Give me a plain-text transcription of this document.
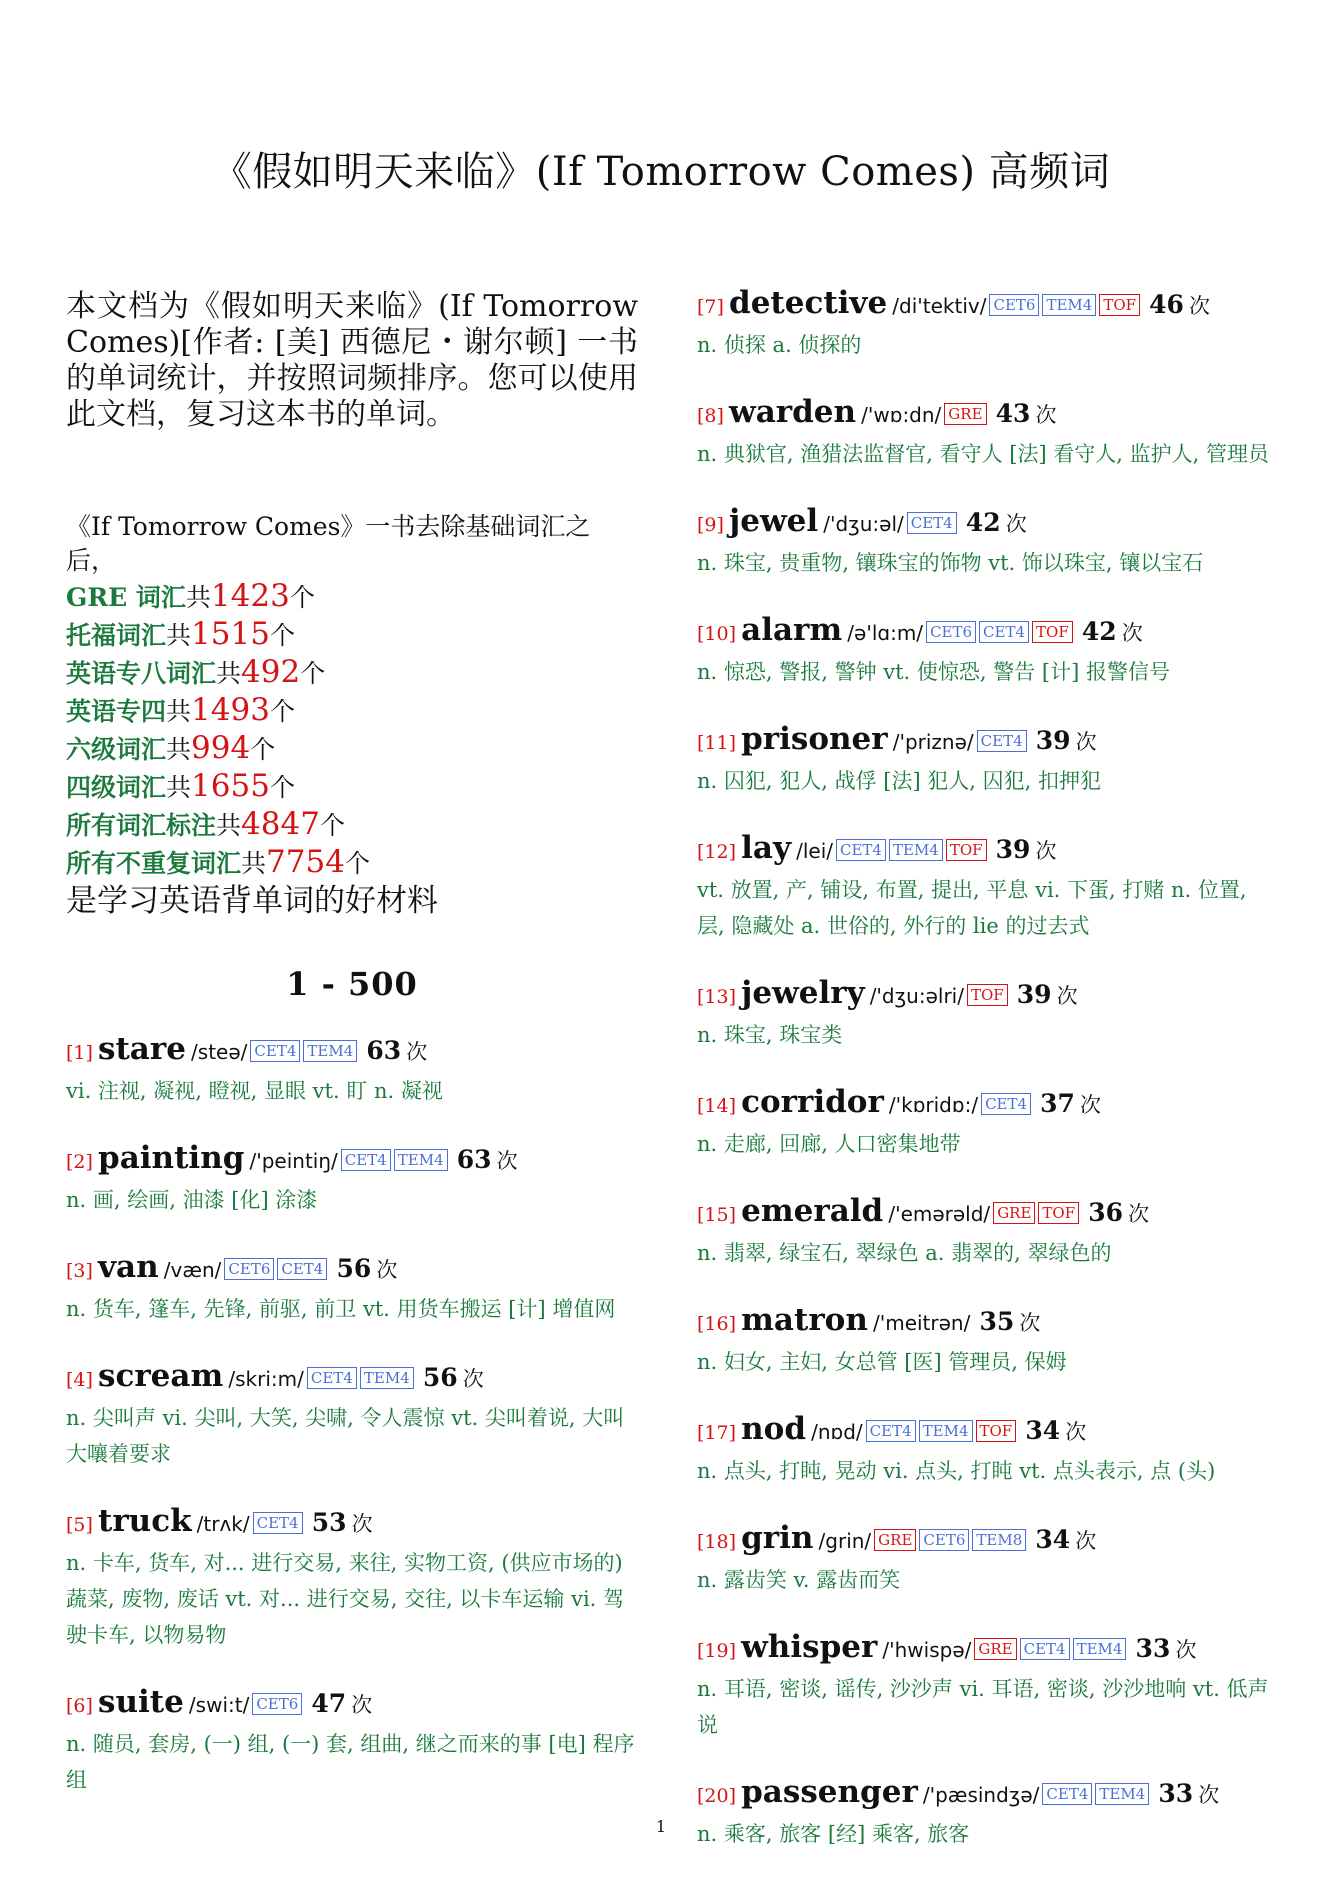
《假如明天来临》(If Tomorrow Comes) 高频词
本文档为《假如明天来临》(If Tomorrow Comes)[作者: [美] 西德尼・谢尔顿] 一书的单词统计，并按照词频排序。您可以使用此文档，复习这本书的单词。
《If Tomorrow Comes》一书去除基础词汇之后，
GRE 词汇共1423个
托福词汇共1515个
英语专八词汇共492个
英语专四共1493个
六级词汇共994个
四级词汇共1655个
所有词汇标注共4847个
所有不重复词汇共7754个
是学习英语背单词的好材料
1 - 500
[1] stare /steə/ CET4 TEM4 63 次
vi. 注视, 凝视, 瞪视, 显眼 vt. 盯 n. 凝视
[2] painting /'peintiŋ/ CET4 TEM4 63 次
n. 画, 绘画, 油漆 [化] 涂漆
[3] van /væn/ CET6 CET4 56 次
n. 货车, 篷车, 先锋, 前驱, 前卫 vt. 用货车搬运 [计] 增值网
[4] scream /skri:m/ CET4 TEM4 56 次
n. 尖叫声 vi. 尖叫, 大笑, 尖啸, 令人震惊 vt. 尖叫着说, 大叫大嚷着要求
[5] truck /trʌk/ CET4 53 次
n. 卡车, 货车, 对... 进行交易, 来往, 实物工资, (供应市场的) 蔬菜, 废物, 废话 vt. 对... 进行交易, 交往, 以卡车运输 vi. 驾驶卡车, 以物易物
[6] suite /swi:t/ CET6 47 次
n. 随员, 套房, (一) 组, (一) 套, 组曲, 继之而来的事 [电] 程序组
[7] detective /di'tektiv/ CET6 TEM4 TOF 46 次
n. 侦探 a. 侦探的
[8] warden /'wɒ:dn/ GRE 43 次
n. 典狱官, 渔猎法监督官, 看守人 [法] 看守人, 监护人, 管理员
[9] jewel /'dʒu:əl/ CET4 42 次
n. 珠宝, 贵重物, 镶珠宝的饰物 vt. 饰以珠宝, 镶以宝石
[10] alarm /ə'lɑ:m/ CET6 CET4 TOF 42 次
n. 惊恐, 警报, 警钟 vt. 使惊恐, 警告 [计] 报警信号
[11] prisoner /'priznə/ CET4 39 次
n. 囚犯, 犯人, 战俘 [法] 犯人, 囚犯, 扣押犯
[12] lay /lei/ CET4 TEM4 TOF 39 次
vt. 放置, 产, 铺设, 布置, 提出, 平息 vi. 下蛋, 打赌 n. 位置, 层, 隐藏处 a. 世俗的, 外行的 lie 的过去式
[13] jewelry /'dʒu:əlri/ TOF 39 次
n. 珠宝, 珠宝类
[14] corridor /'kɒridɒ:/ CET4 37 次
n. 走廊, 回廊, 人口密集地带
[15] emerald /'emərəld/ GRE TOF 36 次
n. 翡翠, 绿宝石, 翠绿色 a. 翡翠的, 翠绿色的
[16] matron /'meitrən/ 35 次
n. 妇女, 主妇, 女总管 [医] 管理员, 保姆
[17] nod /nɒd/ CET4 TEM4 TOF 34 次
n. 点头, 打盹, 晃动 vi. 点头, 打盹 vt. 点头表示, 点 (头)
[18] grin /grin/ GRE CET6 TEM8 34 次
n. 露齿笑 v. 露齿而笑
[19] whisper /'hwispə/ GRE CET4 TEM4 33 次
n. 耳语, 密谈, 谣传, 沙沙声 vi. 耳语, 密谈, 沙沙地响 vt. 低声说
[20] passenger /'pæsindʒə/ CET4 TEM4 33 次
n. 乘客, 旅客 [经] 乘客, 旅客
1
